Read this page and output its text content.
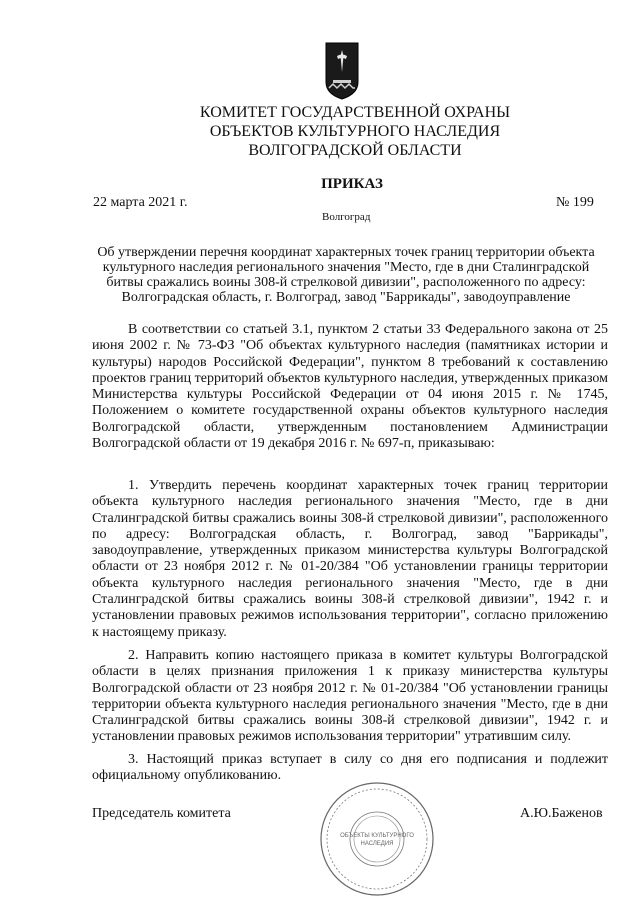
КОМИТЕТ ГОСУДАРСТВЕННОЙ ОХРАНЫ
ОБЪЕКТОВ КУЛЬТУРНОГО НАСЛЕДИЯ
ВОЛГОГРАДСКОЙ ОБЛАСТИ
ПРИКАЗ
22 марта 2021 г.	№ 199
Волгоград
Об утверждении перечня координат характерных точек границ территории объекта культурного наследия регионального значения "Место, где в дни Сталинградской битвы сражались воины 308-й стрелковой дивизии", расположенного по адресу: Волгоградская область, г. Волгоград, завод "Баррикады", заводоуправление
В соответствии со статьей 3.1, пунктом 2 статьи 33 Федерального закона от 25 июня 2002 г. № 73-ФЗ "Об объектах культурного наследия (памятниках истории и культуры) народов Российской Федерации", пунктом 8 требований к составлению проектов границ территорий объектов культурного наследия, утвержденных приказом Министерства культуры Российской Федерации от 04 июня 2015 г. № 1745, Положением о комитете государственной охраны объектов культурного наследия Волгоградской области, утвержденным постановлением Администрации Волгоградской области от 19 декабря 2016 г. № 697-п, приказываю:
1. Утвердить перечень координат характерных точек границ территории объекта культурного наследия регионального значения "Место, где в дни Сталинградской битвы сражались воины 308-й стрелковой дивизии", расположенного по адресу: Волгоградская область, г. Волгоград, завод "Баррикады", заводоуправление, утвержденных приказом министерства культуры Волгоградской области от 23 ноября 2012 г. № 01-20/384 "Об установлении границы территории объекта культурного наследия регионального значения "Место, где в дни Сталинградской битвы сражались воины 308-й стрелковой дивизии", 1942 г. и установлении правовых режимов использования территории", согласно приложению к настоящему приказу.
2. Направить копию настоящего приказа в комитет культуры Волгоградской области в целях признания приложения 1 к приказу министерства культуры Волгоградской области от 23 ноября 2012 г. № 01-20/384 "Об установлении границы территории объекта культурного наследия регионального значения "Место, где в дни Сталинградской битвы сражались воины 308-й стрелковой дивизии", 1942 г. и установлении правовых режимов использования территории" утратившим силу.
3. Настоящий приказ вступает в силу со дня его подписания и подлежит официальному опубликованию.
Председатель комитета
ОБЪЕКТЫ КУЛЬТУРНОГО
НАСЛЕДИЯ
А.Ю.Баженов
